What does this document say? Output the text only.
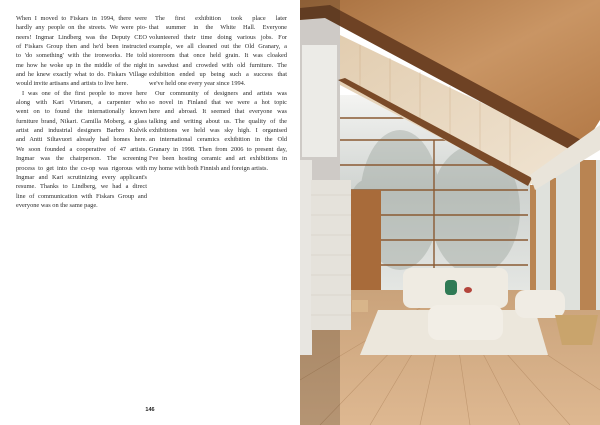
When I moved to Fiskars in 1994, there were
hardly any people on the streets. We were pio-
neers! Ingmar Lindberg was the Deputy CEO
of Fiskars Group then and he'd been instructed
to 'do something' with the ironworks. He told
me how he woke up in the middle of the night
and he knew exactly what to do. Fiskars Village
would invite artisans and artists to live here.

I was one of the first people to move here
along with Kari Virtanen, a carpenter who
went on to found the internationally known
furniture brand, Nikari. Camilla Moberg, a glass
artist and industrial designers Barbro Kulvik
and Antti Siltavuori already had homes here.
We soon founded a cooperative of 47 artists.
Ingmar was the chairperson. The screening
process to get into the co-op was rigorous with
Ingmar and Kari scrutinizing every applicant's
resume. Thanks to Lindberg, we had a direct
line of communication with Fiskars Group and
everyone was on the same page.

The first exhibition took place later
that summer in the White Hall. Everyone
volunteered their time doing various jobs. For
example, we all cleaned out the Old Granary, a
storeroom that once held grain. It was cloaked
in sawdust and crowded with old furniture. The
exhibition ended up being such a success that
we've held one every year since 1994.

Our community of designers and artists was
so novel in Finland that we were a hot topic
here and abroad. It seemed that everyone was
talking and writing about us. The quality of the
exhibitions we held was sky high. I organised
an international ceramics exhibition in the Old
Granary in 1998. Then from 2006 to present day,
I've been hosting ceramic and art exhibitions in
my home with both Finnish and foreign artists.

146
